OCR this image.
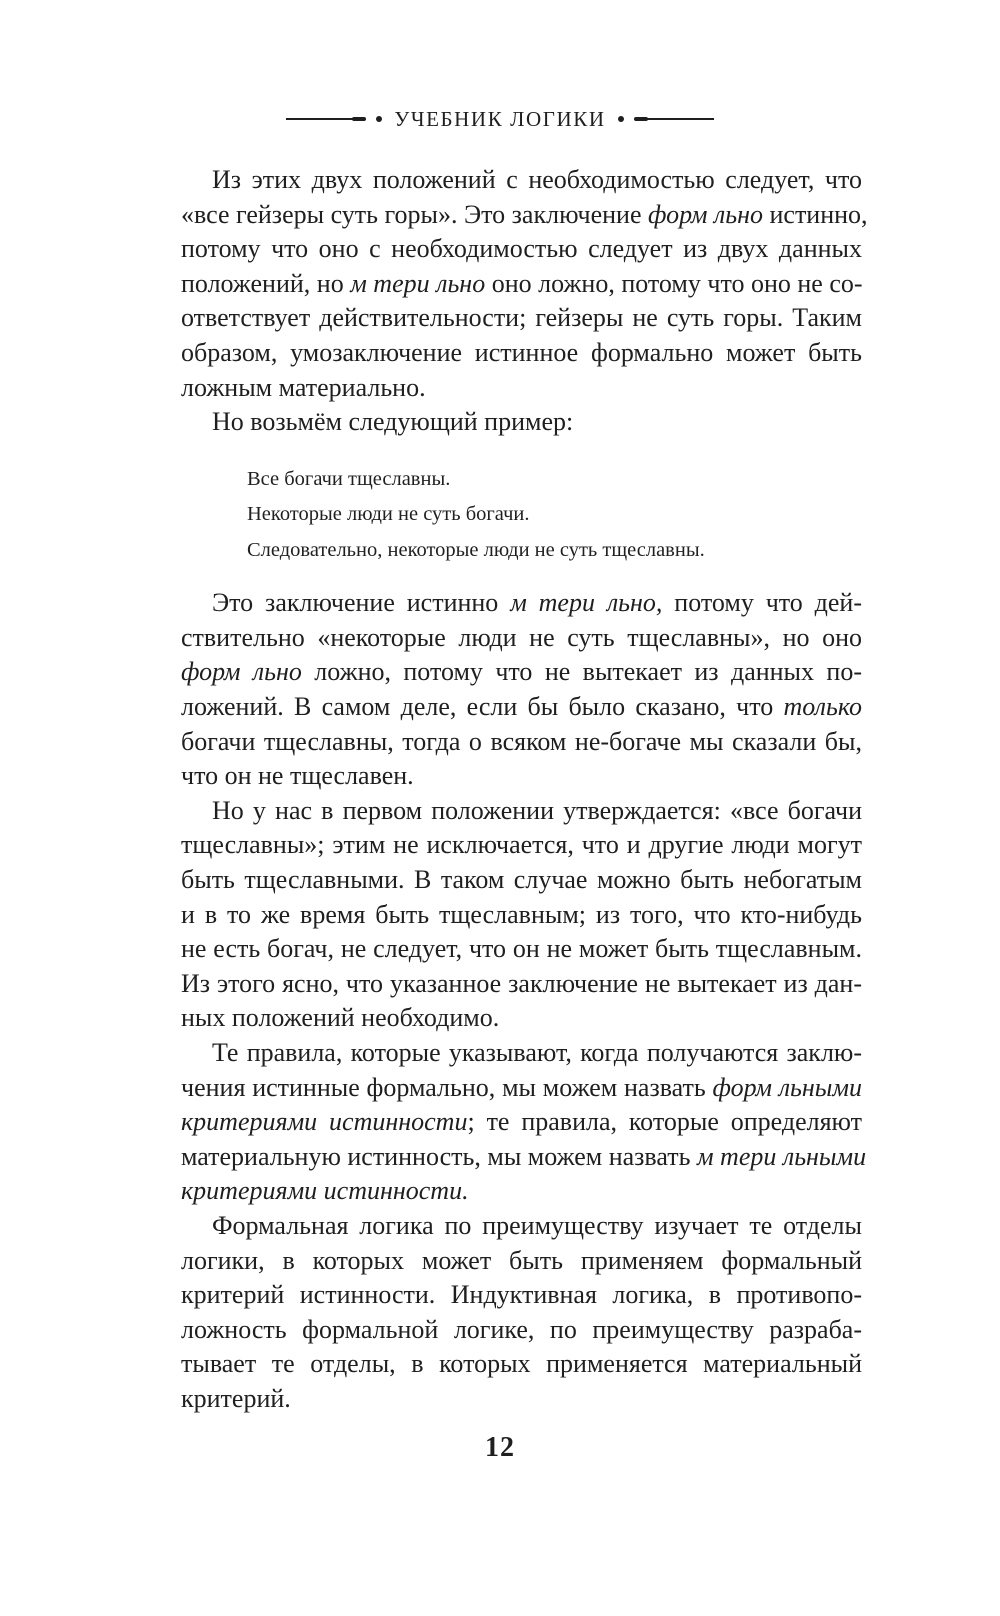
УЧЕБНИК ЛОГИКИ

Из этих двух положений с необходимостью следует, что
«все гейзеры суть горы». Это заключение форм льно истинно,
потому что оно с необходимостью следует из двух данных
положений, но м тери льно оно ложно, потому что оно не со-
ответствует действительности; гейзеры не суть горы. Таким
образом, умозаключение истинное формально может быть
ложным материально.

Но возьмём следующий пример:

Все богачи тщеславны.
Некоторые люди не суть богачи.
Следовательно, некоторые люди не суть тщеславны.

Это заключение истинно м тери льно, потому что дей-
ствительно «некоторые люди не суть тщеславны», но оно
форм льно ложно, потому что не вытекает из данных по-
ложений. В самом деле, если бы было сказано, что только
богачи тщеславны, тогда о всяком не-богаче мы сказали бы,
что он не тщеславен.

Но у нас в первом положении утверждается: «все богачи
тщеславны»; этим не исключается, что и другие люди могут
быть тщеславными. В таком случае можно быть небогатым
и в то же время быть тщеславным; из того, что кто-нибудь
не есть богач, не следует, что он не может быть тщеславным.
Из этого ясно, что указанное заключение не вытекает из дан-
ных положений необходимо.

Те правила, которые указывают, когда получаются заклю-
чения истинные формально, мы можем назвать форм льными
критериями истинности; те правила, которые определяют
материальную истинность, мы можем назвать м тери льными
критериями истинности.

Формальная логика по преимуществу изучает те отделы
логики, в которых может быть применяем формальный
критерий истинности. Индуктивная логика, в противопо-
ложность формальной логике, по преимуществу разраба-
тывает те отделы, в которых применяется материальный
критерий.

12
